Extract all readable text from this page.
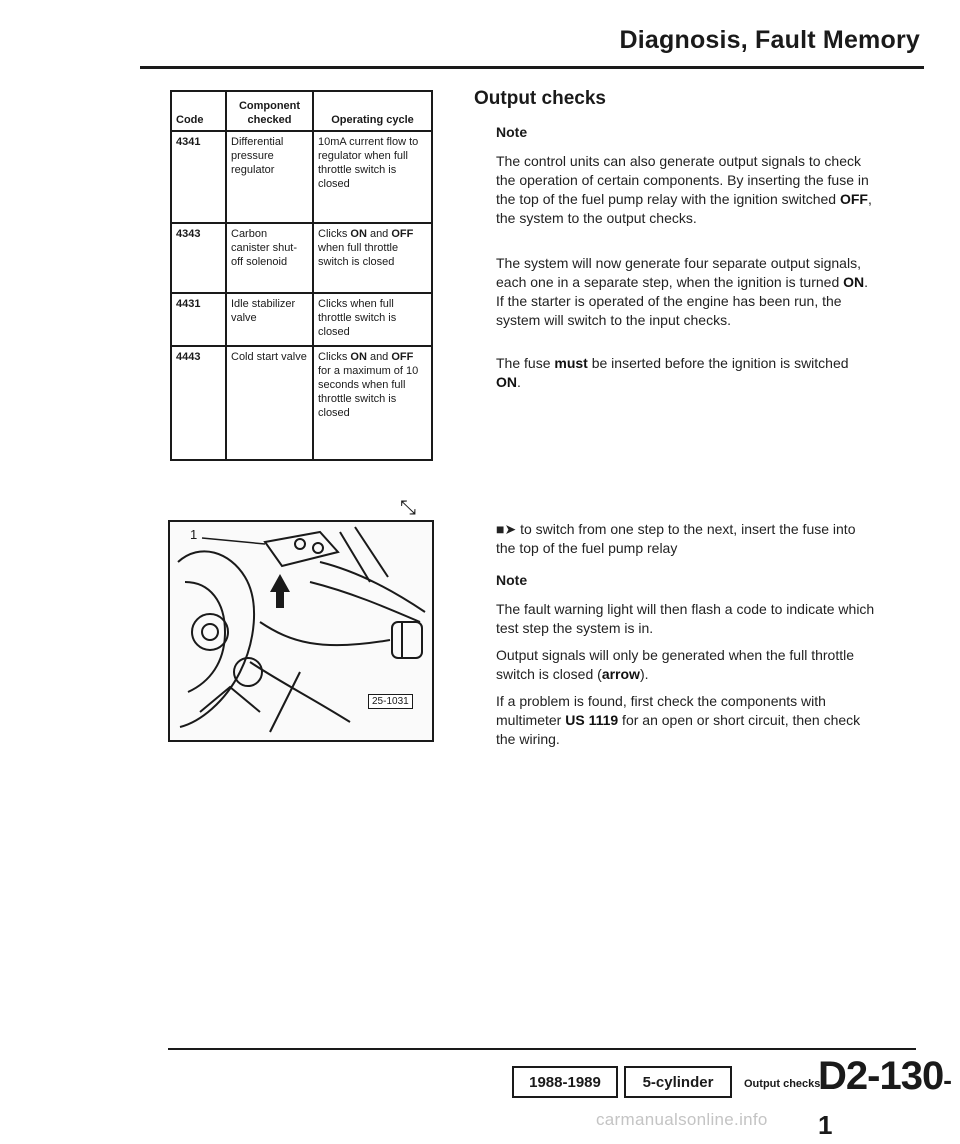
Diagnosis, Fault Memory
Code	Component checked	Operating cycle
4341	Differential pressure regulator	10mA current flow to regulator when full throttle switch is closed
4343	Carbon canister shut-off solenoid	Clicks ON and OFF when full throttle switch is closed
4431	Idle stabilizer valve	Clicks when full throttle switch is closed
4443	Cold start valve	Clicks ON and OFF for a maximum of 10 seconds when full throttle switch is closed
⤡
1
25-1031
Output checks
Note
The control units can also generate output signals to check the operation of certain components. By inserting the fuse in the top of the fuel pump relay with the ignition switched OFF, the system to the output checks.
The system will now generate four separate output signals, each one in a separate step, when the ignition is turned ON. If the starter is operated of the engine has been run, the system will switch to the input checks.
The fuse must be inserted before the ignition is switched ON.
■➤ to switch from one step to the next, insert the fuse into the top of the fuel pump relay
Note
The fault warning light will then flash a code to indicate which test step the system is in.
Output signals will only be generated when the full throttle switch is closed (arrow).
If a problem is found, first check the components with multimeter US 1119 for an open or short circuit, then check the wiring.
1988-1989	5-cylinder	Output checks
D2-130-1
carmanualsonline.info
